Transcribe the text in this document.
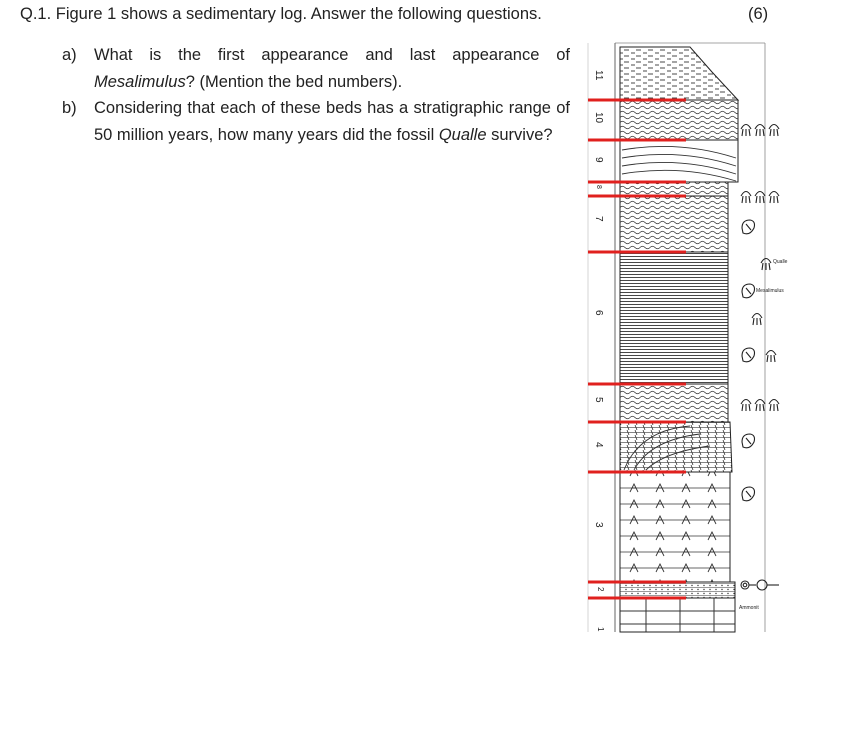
Q.1. Figure 1 shows a sedimentary log. Answer the following questions.	(6)
a) What is the first appearance and last appearance of Mesalimulus? (Mention the bed numbers).
b) Considering that each of these beds has a stratigraphic range of 50 million years, how many years did the fossil Qualle survive?
11
10
9
8
7
6
5
4
3
2
1
Qualle
Mesalimulus
Ammonit
